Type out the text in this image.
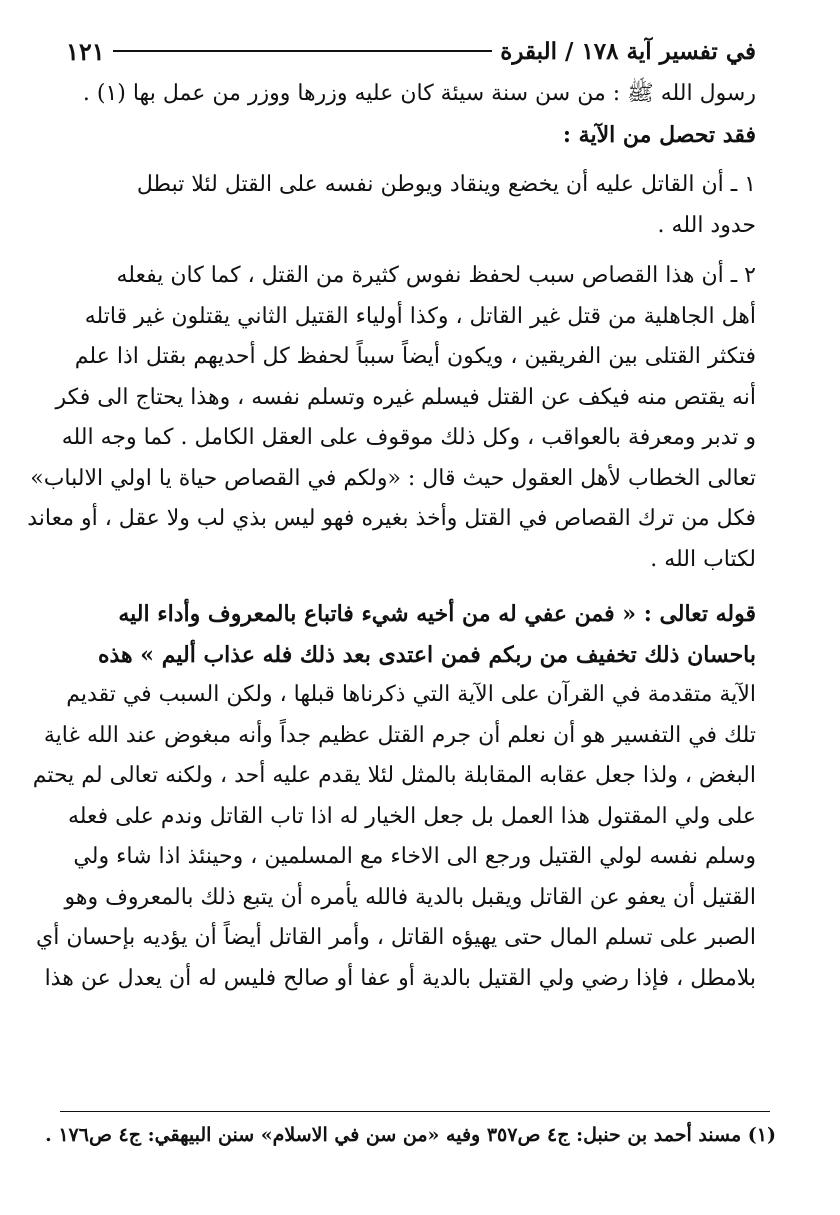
في تفسير آية ١٧٨ / البقرة
١٢١
رسول الله ﷺ : من سن سنة سيئة كان عليه وزرها ووزر من عمل بها (١) .
فقد تحصل من الآية :
١ ـ أن القاتل عليه أن يخضع وينقاد ويوطن نفسه على القتل لئلا تبطل
حدود الله .
٢ ـ أن هذا القصاص سبب لحفظ نفوس كثيرة من القتل ، كما كان يفعله
أهل الجاهلية من قتل غير القاتل ، وكذا أولياء القتيل الثاني يقتلون غير قاتله
فتكثر القتلى بين الفريقين ، ويكون أيضاً سبباً لحفظ كل أحديهم بقتل اذا علم
أنه يقتص منه فيكف عن القتل فيسلم غيره وتسلم نفسه ، وهذا يحتاج الى فكر
و تدبر ومعرفة بالعواقب ، وكل ذلك موقوف على العقل الكامل . كما وجه الله
تعالى الخطاب لأهل العقول حيث قال : «ولكم في القصاص حياة يا اولي الالباب»
فكل من ترك القصاص في القتل وأخذ بغيره فهو ليس بذي لب ولا عقل ، أو معاند
لكتاب الله .
قوله تعالى : « فمن عفي له من أخيه شيء فاتباع بالمعروف وأداء اليه
باحسان ذلك تخفيف من ربكم فمن اعتدى بعد ذلك فله عذاب أليم » هذه
الآية متقدمة في القرآن على الآية التي ذكرناها قبلها ، ولكن السبب في تقديم
تلك في التفسير هو أن نعلم أن جرم القتل عظيم جداً وأنه مبغوض عند الله غاية
البغض ، ولذا جعل عقابه المقابلة بالمثل لئلا يقدم عليه أحد ، ولكنه تعالى لم يحتم
على ولي المقتول هذا العمل بل جعل الخيار له اذا تاب القاتل وندم على فعله
وسلم نفسه لولي القتيل ورجع الى الاخاء مع المسلمين ، وحينئذ اذا شاء ولي
القتيل أن يعفو عن القاتل ويقبل بالدية فالله يأمره أن يتبع ذلك بالمعروف وهو
الصبر على تسلم المال حتى يهيؤه القاتل ، وأمر القاتل أيضاً أن يؤديه بإحسان أي
بلامطل ، فإذا رضي ولي القتيل بالدية أو عفا أو صالح فليس له أن يعدل عن هذا
(١) مسند أحمد بن حنبل: ج٤ ص٣٥٧ وفيه «من سن في الاسلام» سنن البيهقي: ج٤ ص١٧٦ .
